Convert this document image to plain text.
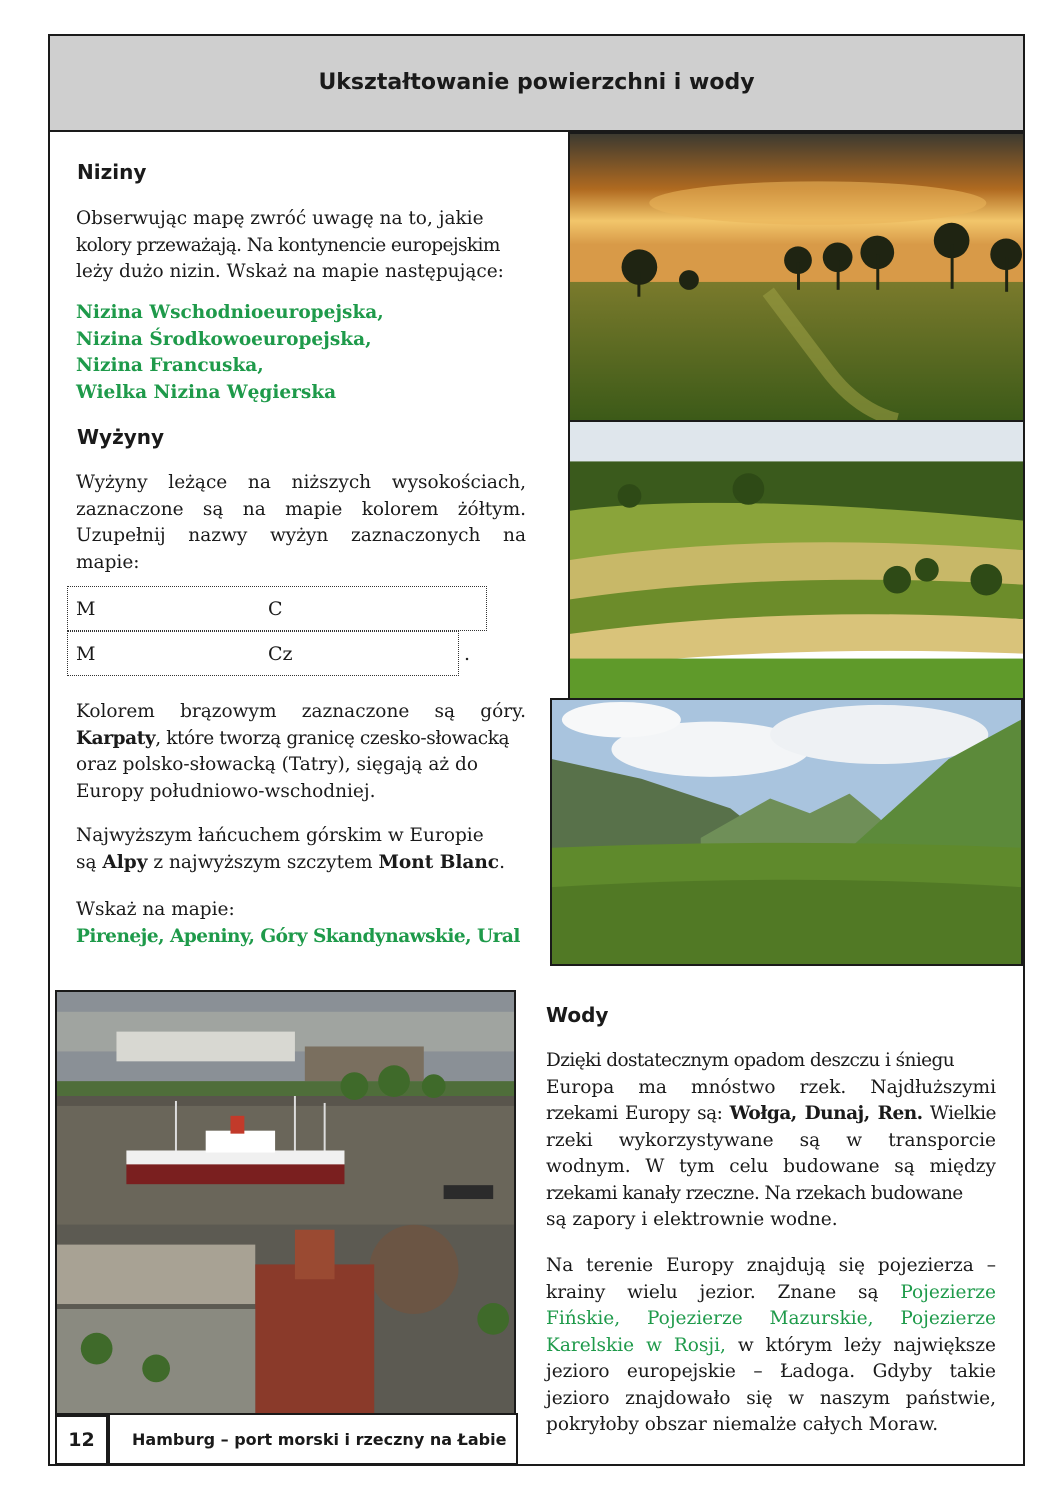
Ukształtowanie powierzchni i wody
Niziny
Obserwując mapę zwróć uwagę na to, jakie
kolory przeważają. Na kontynencie europejskim
leży dużo nizin. Wskaż na mapie następujące:
Nizina Wschodnioeuropejska,
Nizina Środkowoeuropejska,
Nizina Francuska,
Wielka Nizina Węgierska
Wyżyny
Wyżyny leżące na niższych wysokościach,
zaznaczone są na mapie kolorem żółtym.
Uzupełnij nazwy wyżyn zaznaczonych na
mapie:
M	C
M	Cz	.
Kolorem brązowym zaznaczone są góry.
Karpaty, które tworzą granicę czesko-słowacką
oraz polsko-słowacką (Tatry), sięgają aż do
Europy południowo-wschodniej.
Najwyższym łańcuchem górskim w Europie
są Alpy z najwyższym szczytem Mont Blanc.
Wskaż na mapie:
Pireneje, Apeniny, Góry Skandynawskie, Ural
Wody
Dzięki dostatecznym opadom deszczu i śniegu
Europa ma mnóstwo rzek. Najdłuższymi
rzekami Europy są: Wołga, Dunaj, Ren. Wielkie
rzeki wykorzystywane są w transporcie
wodnym. W tym celu budowane są między
rzekami kanały rzeczne. Na rzekach budowane
są zapory i elektrownie wodne.
Na terenie Europy znajdują się pojezierza –
krainy wielu jezior. Znane są Pojezierze
Fińskie, Pojezierze Mazurskie, Pojezierze
Karelskie w Rosji, w którym leży największe
jezioro europejskie – Ładoga. Gdyby takie
jezioro znajdowało się w naszym państwie,
pokryłoby obszar niemalże całych Moraw.
12	Hamburg – port morski i rzeczny na Łabie
